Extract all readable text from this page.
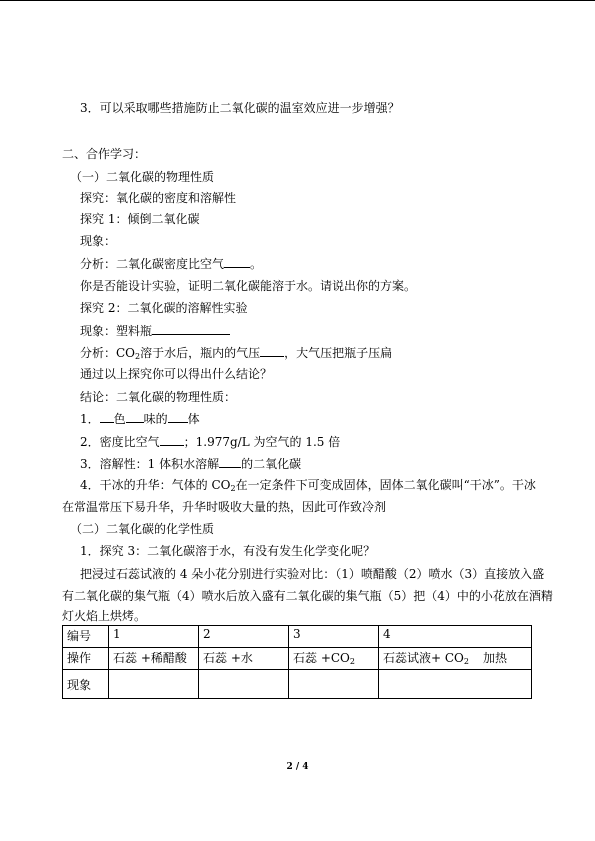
3．可以采取哪些措施防止二氧化碳的温室效应进一步增强？
二、合作学习：
（一）二氧化碳的物理性质
探究：氧化碳的密度和溶解性
探究 1：倾倒二氧化碳
现象：
分析：二氧化碳密度比空气 。
你是否能设计实验，证明二氧化碳能溶于水。请说出你的方案。
探究 2：二氧化碳的溶解性实验
现象：塑料瓶
分析：$CO_2$溶于水后，瓶内的气压 ，大气压把瓶子压扁
通过以上探究你可以得出什么结论？
结论：二氧化碳的物理性质：
1． 色 味的 体
2．密度比空气 ；1.977g/L 为空气的 1.5 倍
3．溶解性：1 体积水溶解 的二氧化碳
4．干冰的升华：气体的 $CO_2$在一定条件下可变成固体，固体二氧化碳叫“干冰”。干冰
在常温常压下易升华，升华时吸收大量的热，因此可作致冷剂
（二）二氧化碳的化学性质
1．探究 3：二氧化碳溶于水，有没有发生化学变化呢？
把浸过石蕊试液的 4 朵小花分别进行实验对比：（1）喷醋酸（2）喷水（3）直接放入盛
有二氧化碳的集气瓶（4）喷水后放入盛有二氧化碳的集气瓶（5）把（4）中的小花放在酒精
灯火焰上烘烤。
编号	1	2	3	4
操作	石蕊 +稀醋酸	石蕊 +水	石蕊 $+CO_2$	石蕊试液+ $CO_2$ 加热
现象				
2 / 4
